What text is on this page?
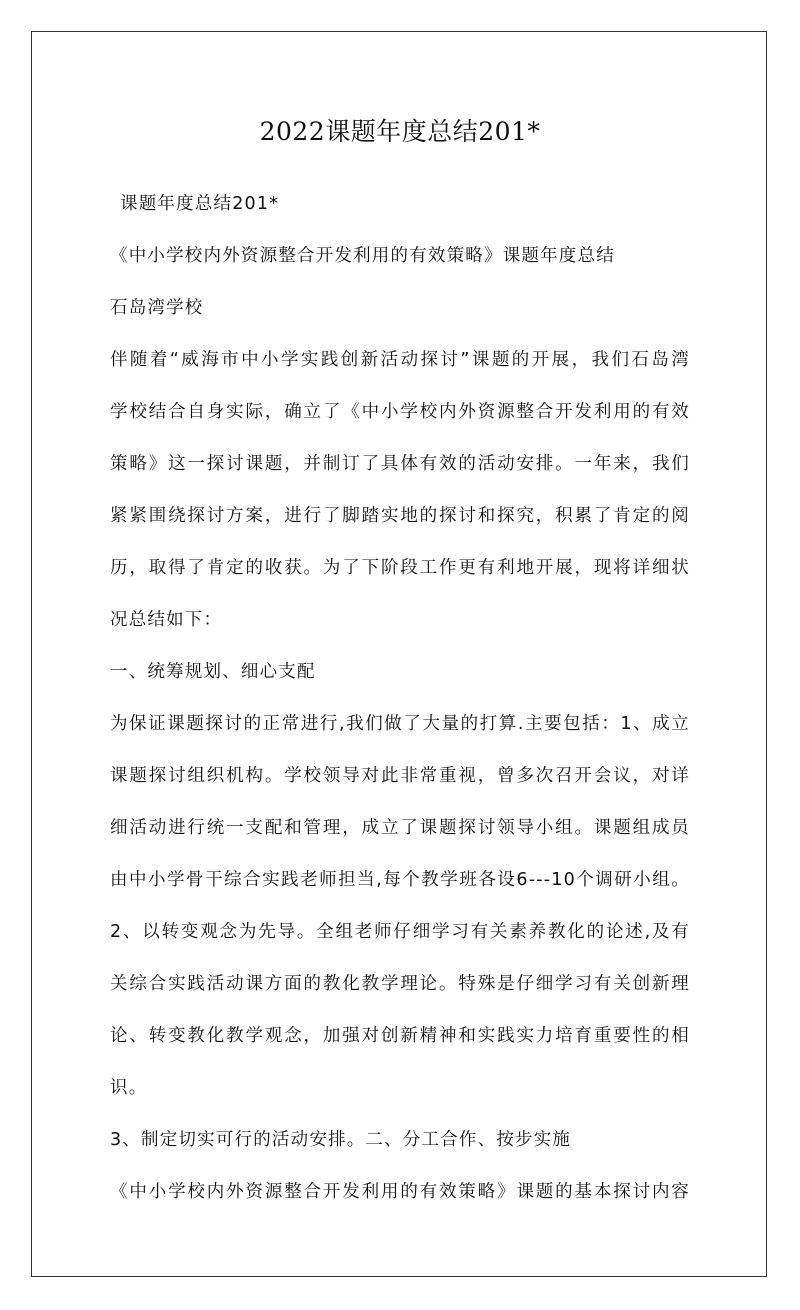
2022课题年度总结201*
课题年度总结201*
《中小学校内外资源整合开发利用的有效策略》课题年度总结
石岛湾学校
伴随着“威海市中小学实践创新活动探讨”课题的开展，我们石岛湾
学校结合自身实际，确立了《中小学校内外资源整合开发利用的有效
策略》这一探讨课题，并制订了具体有效的活动安排。一年来，我们
紧紧围绕探讨方案，进行了脚踏实地的探讨和探究，积累了肯定的阅
历，取得了肯定的收获。为了下阶段工作更有利地开展，现将详细状
况总结如下：
一、统筹规划、细心支配
为保证课题探讨的正常进行,我们做了大量的打算.主要包括：1、成立
课题探讨组织机构。学校领导对此非常重视，曾多次召开会议，对详
细活动进行统一支配和管理，成立了课题探讨领导小组。课题组成员
由中小学骨干综合实践老师担当,每个教学班各设6---10个调研小组。
2、以转变观念为先导。全组老师仔细学习有关素养教化的论述,及有
关综合实践活动课方面的教化教学理论。特殊是仔细学习有关创新理
论、转变教化教学观念，加强对创新精神和实践实力培育重要性的相
识。
3、制定切实可行的活动安排。二、分工合作、按步实施
《中小学校内外资源整合开发利用的有效策略》课题的基本探讨内容
